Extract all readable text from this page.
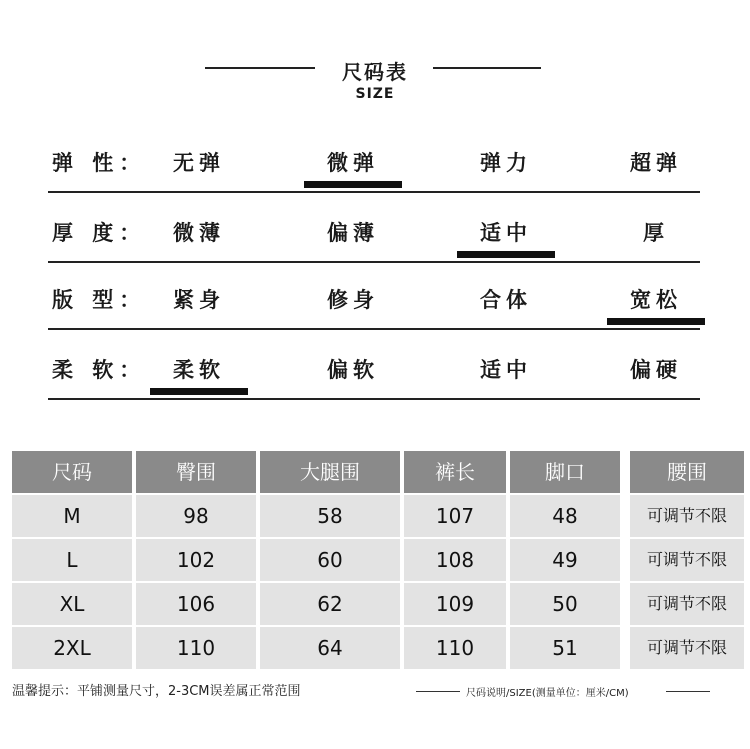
尺码表
SIZE
弹 性：	无弹	微弹	弹力	超弹
厚 度：	微薄	偏薄	适中	厚
版 型：	紧身	修身	合体	宽松
柔 软：	柔软	偏软	适中	偏硬
尺码	臀围	大腿围	裤长	脚口	腰围
M	98	58	107	48	可调节不限
L	102	60	108	49	可调节不限
XL	106	62	109	50	可调节不限
2XL	110	64	110	51	可调节不限
温馨提示：平铺测量尺寸，2-3CM误差属正常范围	尺码说明/SIZE(测量单位：厘米/CM)
